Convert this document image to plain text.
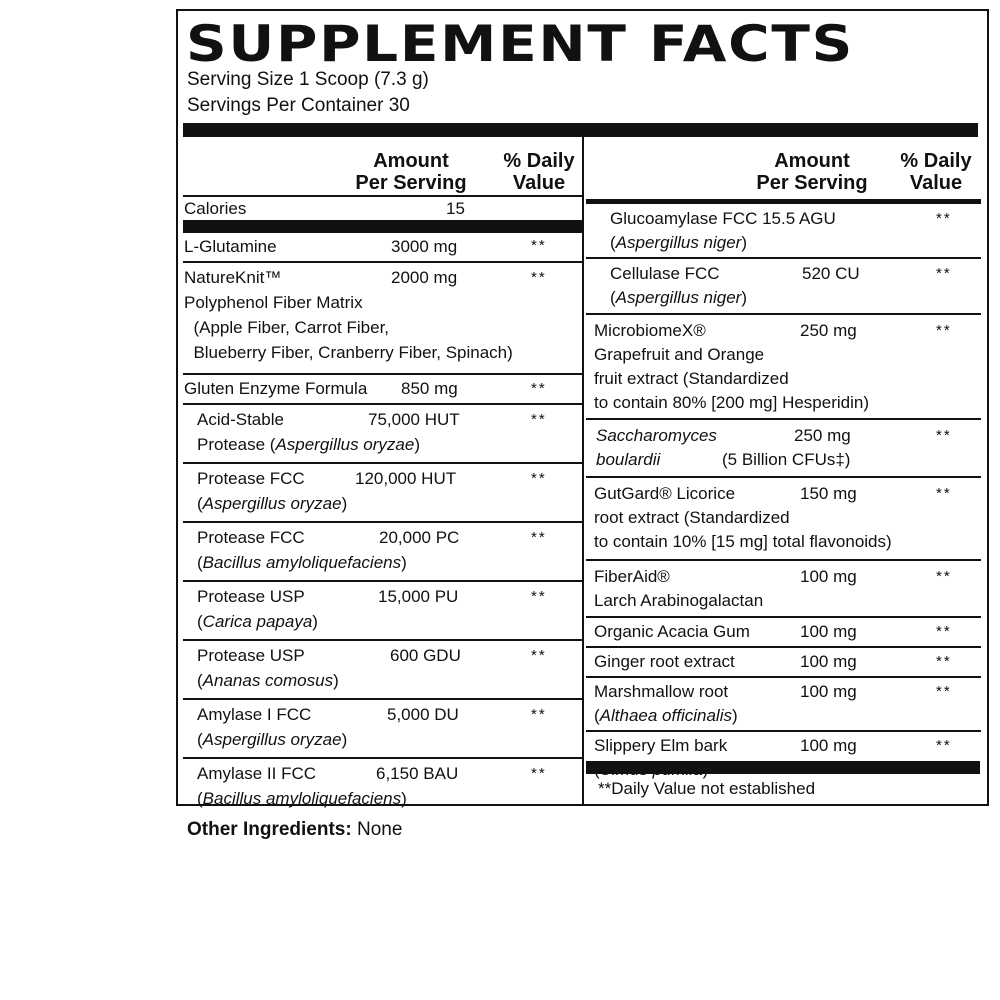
SUPPLEMENT FACTS
Serving Size 1 Scoop (7.3 g)
Servings Per Container 30
Amount
Per Serving
% Daily
Value
Calories	15
L-Glutamine	3000 mg	**
NatureKnit™
Polyphenol Fiber Matrix
(Apple Fiber, Carrot Fiber,
Blueberry Fiber, Cranberry Fiber, Spinach)
2000 mg	**
Gluten Enzyme Formula 850 mg	**
Acid-Stable
Protease (Aspergillus oryzae)
75,000 HUT	**
Protease FCC
(Aspergillus oryzae)
120,000 HUT	**
Protease FCC
(Bacillus amyloliquefaciens)
20,000 PC	**
Protease USP
(Carica papaya)
15,000 PU	**
Protease USP
(Ananas comosus)
600 GDU	**
Amylase I FCC
(Aspergillus oryzae)
5,000 DU	**
Amylase II FCC
(Bacillus amyloliquefaciens)
6,150 BAU	**
Amount
Per Serving
% Daily
Value
Glucoamylase FCC 15.5 AGU
(Aspergillus niger)
**
Cellulase FCC
(Aspergillus niger)
520 CU	**
MicrobiomeX®
Grapefruit and Orange
fruit extract (Standardized
to contain 80% [200 mg] Hesperidin)
250 mg	**
Saccharomyces
boulardii	(5 Billion CFUs‡)
250 mg	**
GutGard® Licorice
root extract (Standardized
to contain 10% [15 mg] total flavonoids)
150 mg	**
FiberAid®
Larch Arabinogalactan
100 mg	**
Organic Acacia Gum	100 mg	**
Ginger root extract	100 mg	**
Marshmallow root
(Althaea officinalis)
100 mg	**
Slippery Elm bark	100 mg	**
**Daily Value not established
Other Ingredients: None
